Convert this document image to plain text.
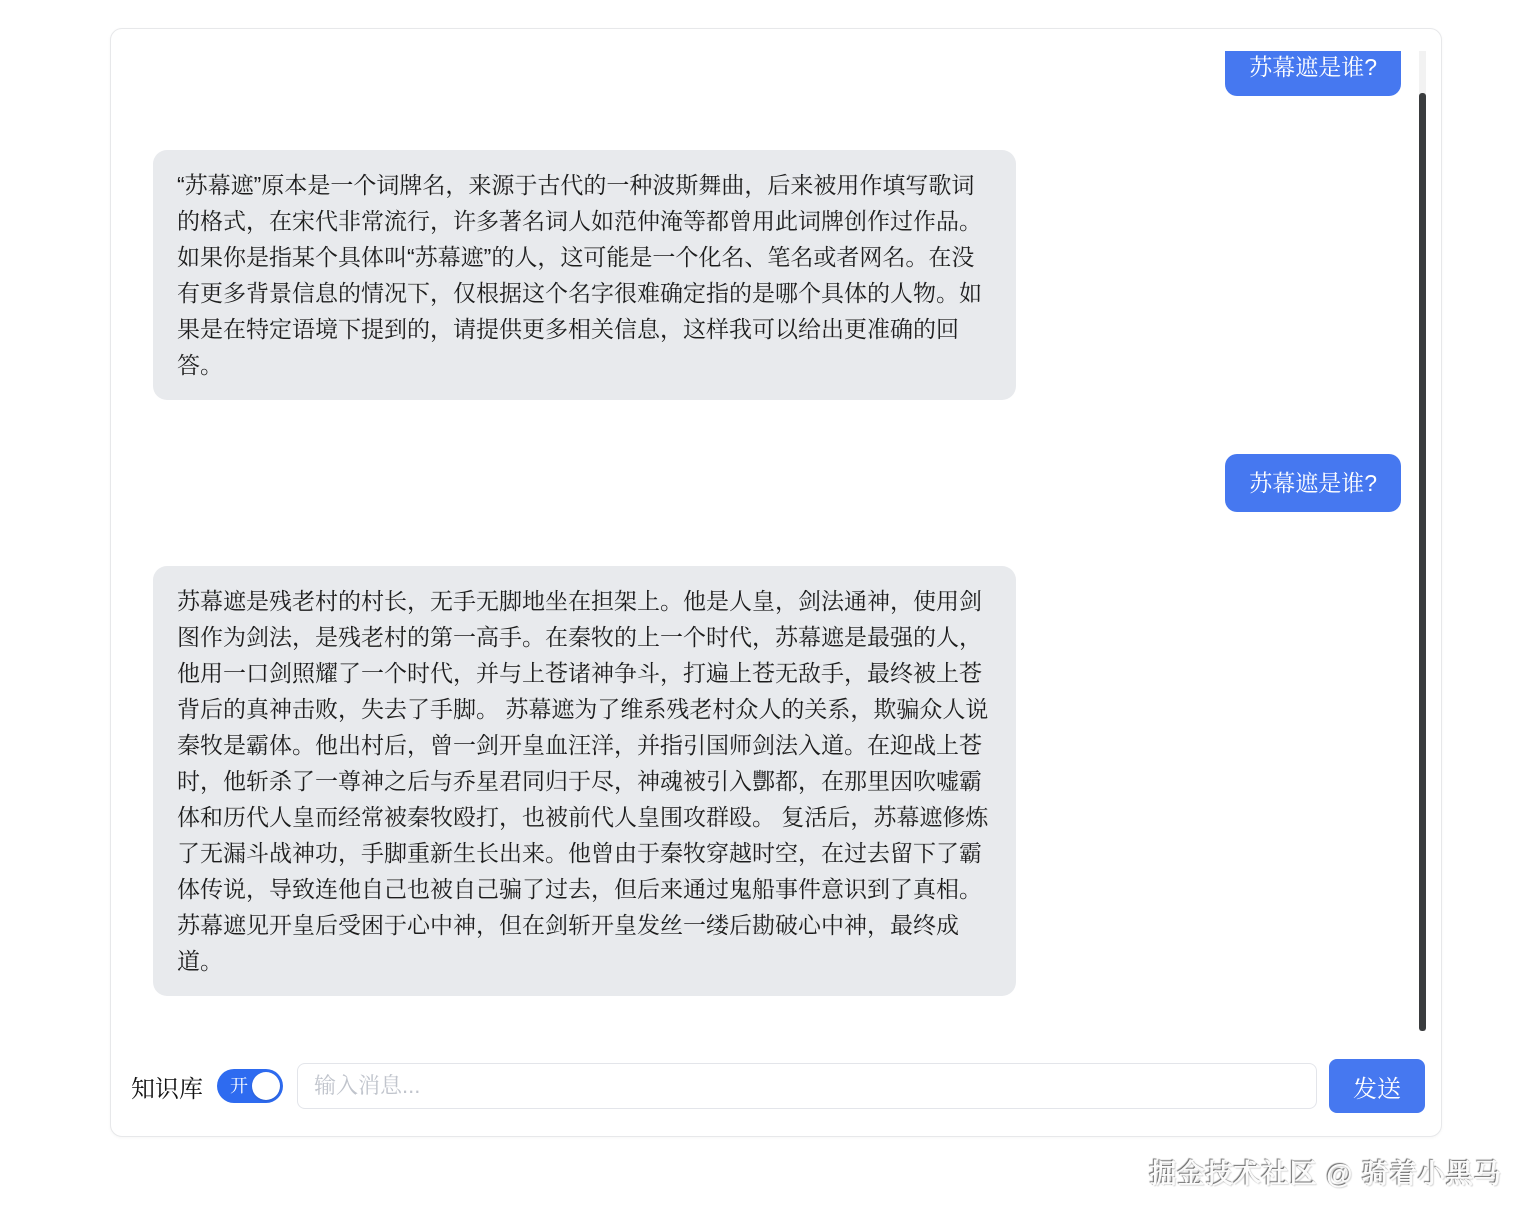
苏幕遮是谁?
“苏幕遮”原本是一个词牌名，来源于古代的一种波斯舞曲，后来被用作填写歌词的格式，在宋代非常流行，许多著名词人如范仲淹等都曾用此词牌创作过作品。 如果你是指某个具体叫“苏幕遮”的人，这可能是一个化名、笔名或者网名。在没有更多背景信息的情况下，仅根据这个名字很难确定指的是哪个具体的人物。如果是在特定语境下提到的，请提供更多相关信息，这样我可以给出更准确的回答。
苏幕遮是谁?
苏幕遮是残老村的村长，无手无脚地坐在担架上。他是人皇，剑法通神，使用剑图作为剑法，是残老村的第一高手。在秦牧的上一个时代，苏幕遮是最强的人，他用一口剑照耀了一个时代，并与上苍诸神争斗，打遍上苍无敌手，最终被上苍背后的真神击败，失去了手脚。 苏幕遮为了维系残老村众人的关系，欺骗众人说秦牧是霸体。他出村后，曾一剑开皇血汪洋，并指引国师剑法入道。在迎战上苍时，他斩杀了一尊神之后与乔星君同归于尽，神魂被引入酆都，在那里因吹嘘霸体和历代人皇而经常被秦牧殴打，也被前代人皇围攻群殴。 复活后，苏幕遮修炼了无漏斗战神功，手脚重新生长出来。他曾由于秦牧穿越时空，在过去留下了霸体传说，导致连他自己也被自己骗了过去，但后来通过鬼船事件意识到了真相。苏幕遮见开皇后受困于心中神，但在剑斩开皇发丝一缕后勘破心中神，最终成道。
知识库 开
输入消息...	发送
掘金技术社区 @ 骑着小黑马
